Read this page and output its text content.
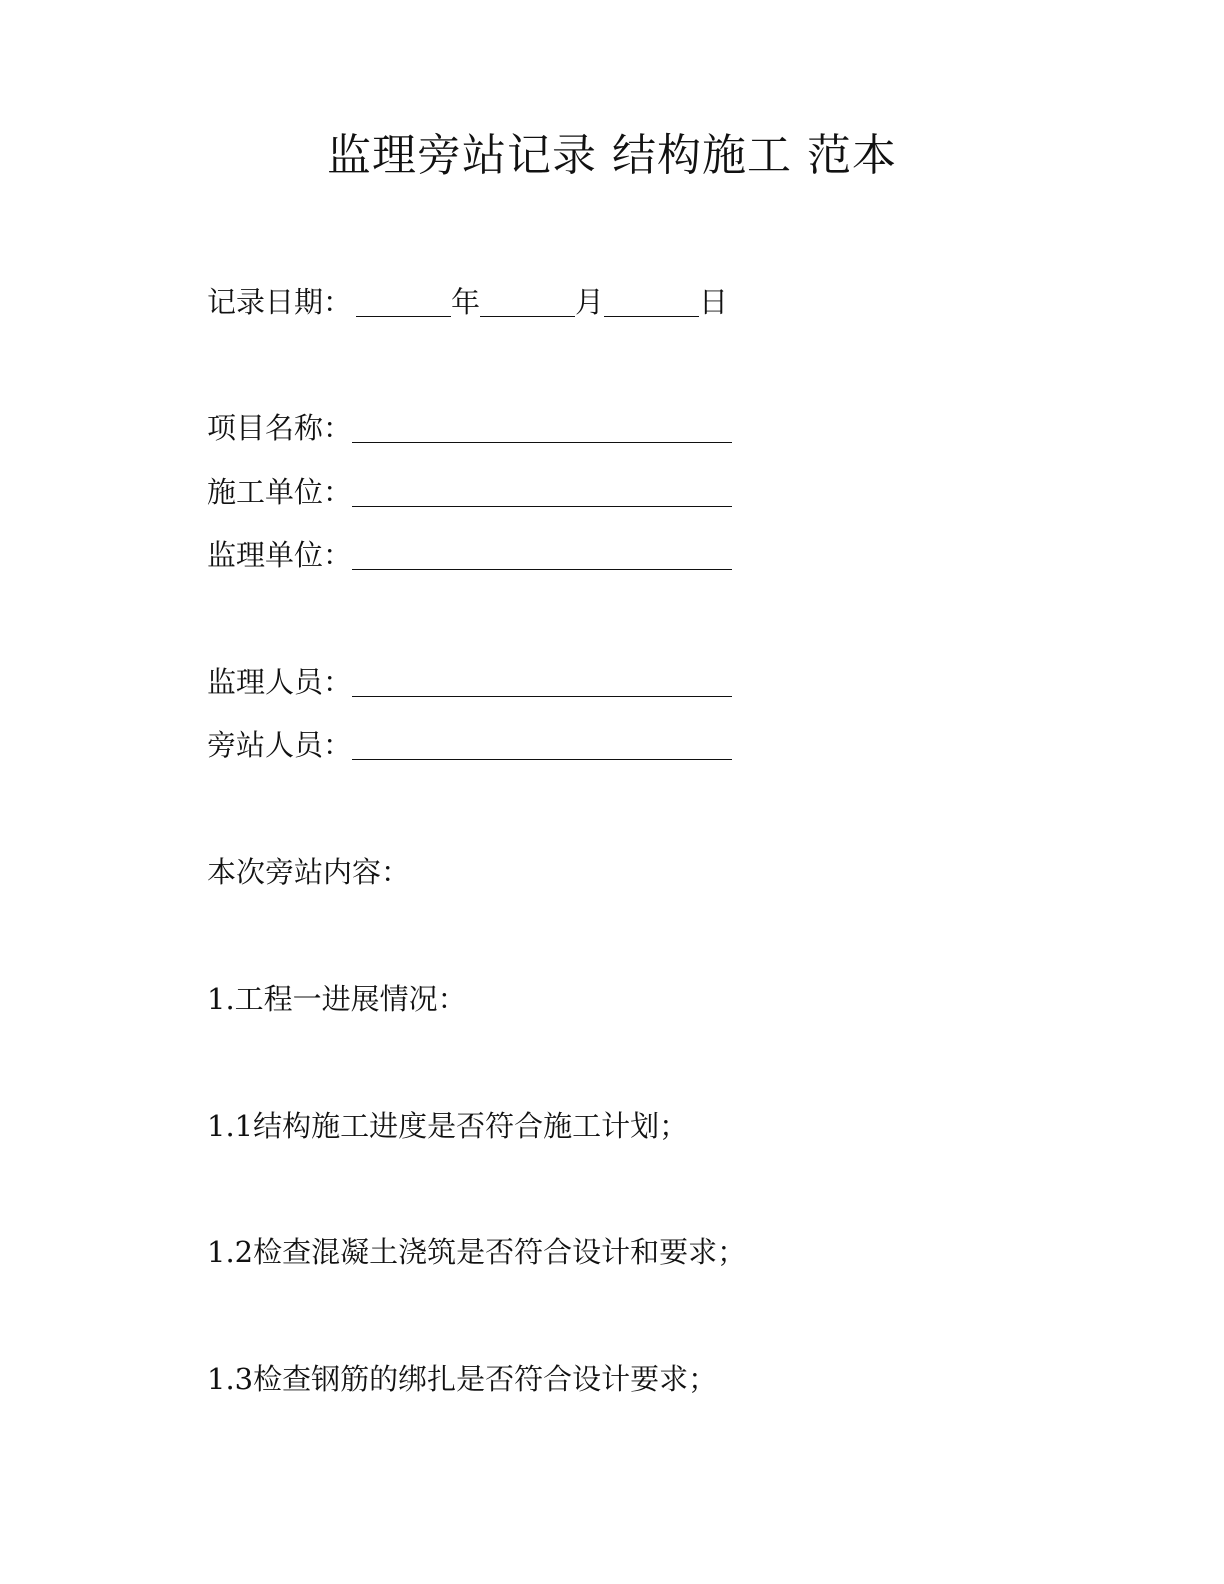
监理旁站记录 结构施工 范本
记录日期：	年	月	日
项目名称：
施工单位：
监理单位：
监理人员：
旁站人员：
本次旁站内容：
1.工程一进展情况：
1.1结构施工进度是否符合施工计划；
1.2检查混凝土浇筑是否符合设计和要求；
1.3检查钢筋的绑扎是否符合设计要求；
